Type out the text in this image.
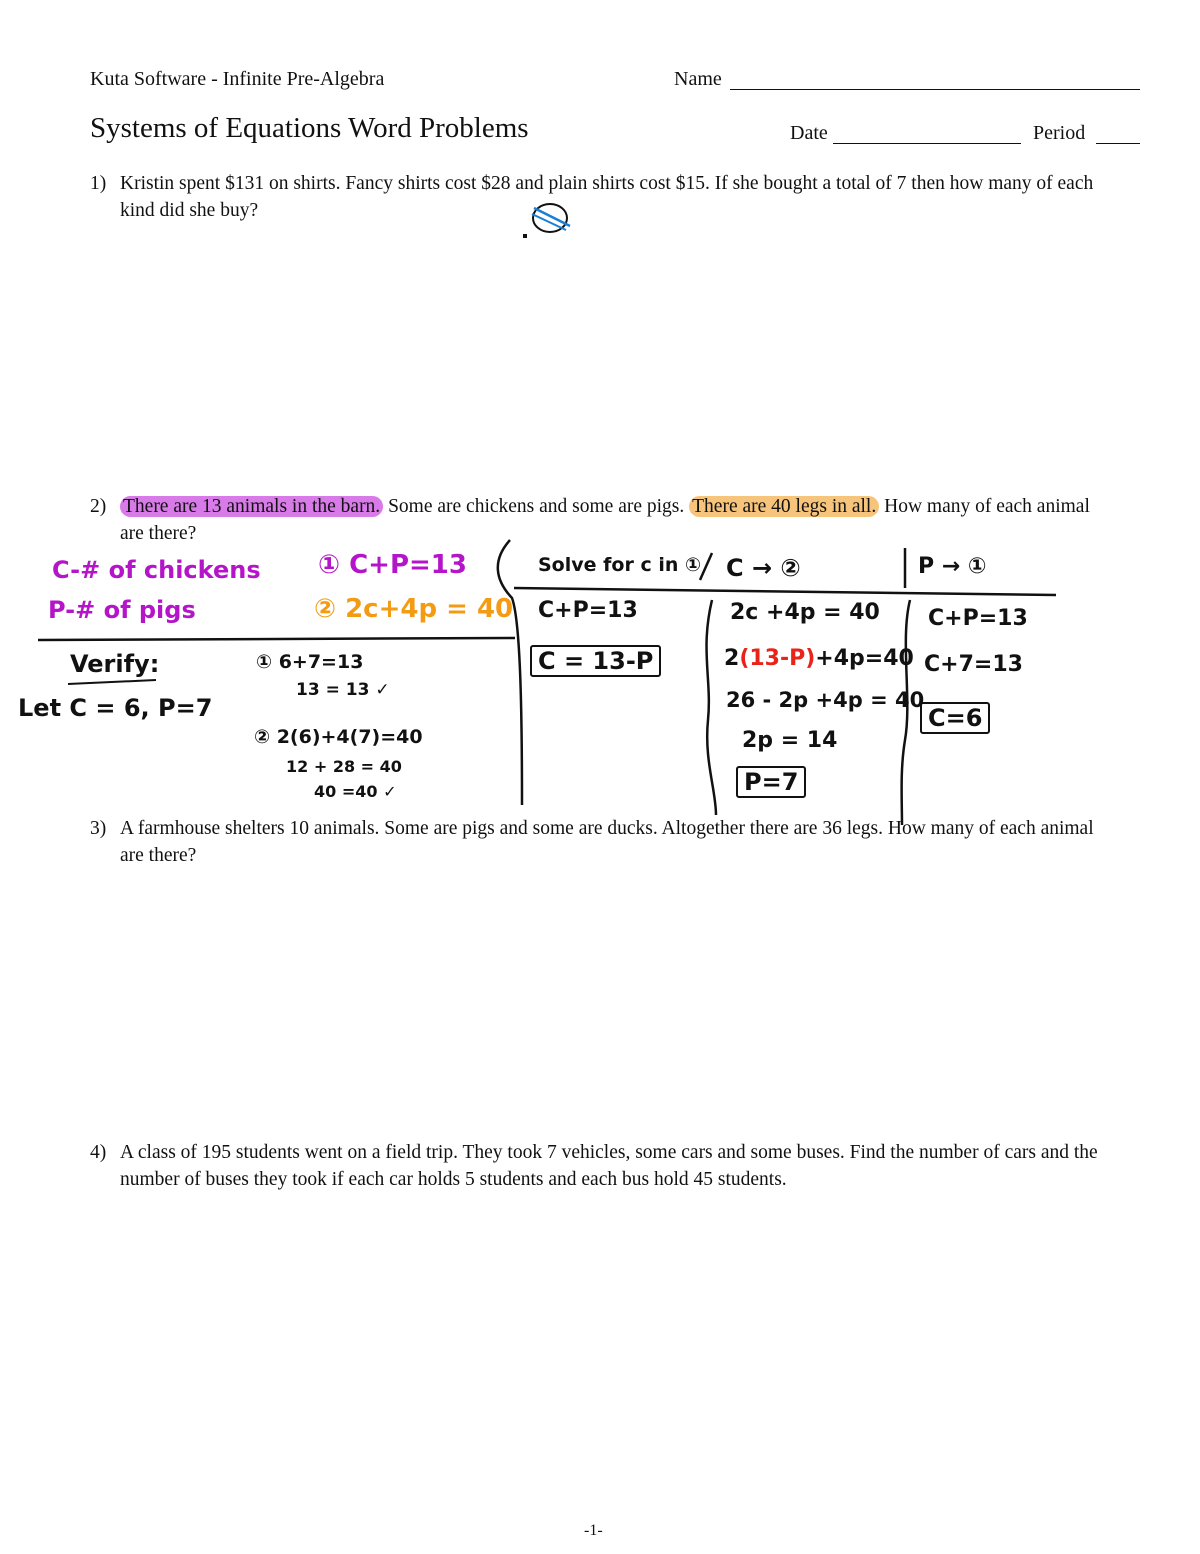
Kuta Software - Infinite Pre-Algebra	Name
Systems of Equations Word Problems	Date	Period
1) Kristin spent $131 on shirts. Fancy shirts cost $28 and plain shirts cost $15. If she bought a total of 7 then how many of each kind did she buy?
2) There are 13 animals in the barn. Some are chickens and some are pigs. There are 40 legs in all. How many of each animal are there?
C-# of chickens
P-# of pigs
① C+P=13
② 2c+4p = 40
Verify:
Let C = 6, P=7
① 6+7=13
13 = 13 ✓
② 2(6)+4(7)=40
12 + 28 = 40
40 =40 ✓
Solve for c in ①
C+P=13
C = 13-P
C → ②
2c +4p = 40
2(13-P)+4p=40
26 - 2p +4p = 40
2p = 14
P=7
P → ①
C+P=13
C+7=13
C=6
3) A farmhouse shelters 10 animals. Some are pigs and some are ducks. Altogether there are 36 legs. How many of each animal are there?
4) A class of 195 students went on a field trip. They took 7 vehicles, some cars and some buses. Find the number of cars and the number of buses they took if each car holds 5 students and each bus hold 45 students.
-1-
